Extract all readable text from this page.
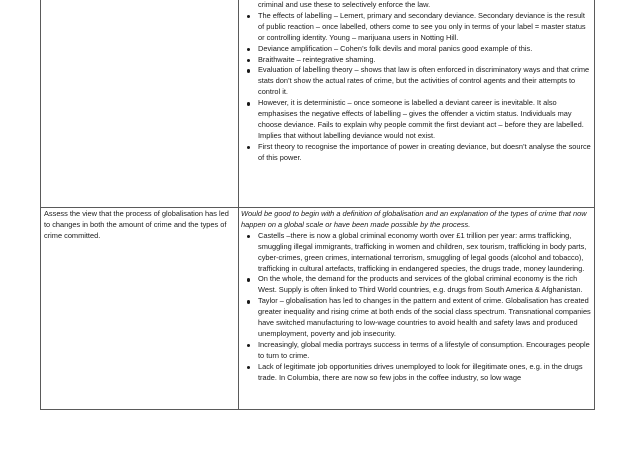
criminal and use these to selectively enforce the law.
The effects of labelling – Lemert, primary and secondary deviance. Secondary deviance is the result of public reaction – once labelled, others come to see you only in terms of your label = master status or controlling identity. Young – marijuana users in Notting Hill.
Deviance amplification – Cohen’s folk devils and moral panics good example of this.
Braithwaite – reintegrative shaming.
Evaluation of labelling theory – shows that law is often enforced in discriminatory ways and that crime stats don’t show the actual rates of crime, but the activities of control agents and their attempts to control it.
However, it is deterministic – once someone is labelled a deviant career is inevitable. It also emphasises the negative effects of labelling – gives the offender a victim status. Individuals may choose deviance. Fails to explain why people commit the first deviant act – before they are labelled. Implies that without labelling deviance would not exist.
First theory to recognise the importance of power in creating deviance, but doesn’t analyse the source of this power.
Assess the view that the process of globalisation has led to changes in both the amount of crime and the types of crime committed.
Would be good to begin with a definition of globalisation and an explanation of the types of crime that now happen on a global scale or have been made possible by the process.
Castells –there is now a global criminal economy worth over £1 trillion per year: arms trafficking, smuggling illegal immigrants, trafficking in women and children, sex tourism, trafficking in body parts, cyber-crimes, green crimes, international terrorism, smuggling of legal goods (alcohol and tobacco), trafficking in cultural artefacts, trafficking in endangered species, the drugs trade, money laundering.
On the whole, the demand for the products and services of the global criminal economy is the rich West. Supply is often linked to Third World countries, e.g. drugs from South America & Afghanistan.
Taylor – globalisation has led to changes in the pattern and extent of crime. Globalisation has created greater inequality and rising crime at both ends of the social class spectrum. Transnational companies have switched manufacturing to low-wage countries to avoid health and safety laws and produced unemployment, poverty and job insecurity.
Increasingly, global media portrays success in terms of a lifestyle of consumption. Encourages people to turn to crime.
Lack of legitimate job opportunities drives unemployed to look for illegitimate ones, e.g. in the drugs trade. In Columbia, there are now so few jobs in the coffee industry, so low wage
